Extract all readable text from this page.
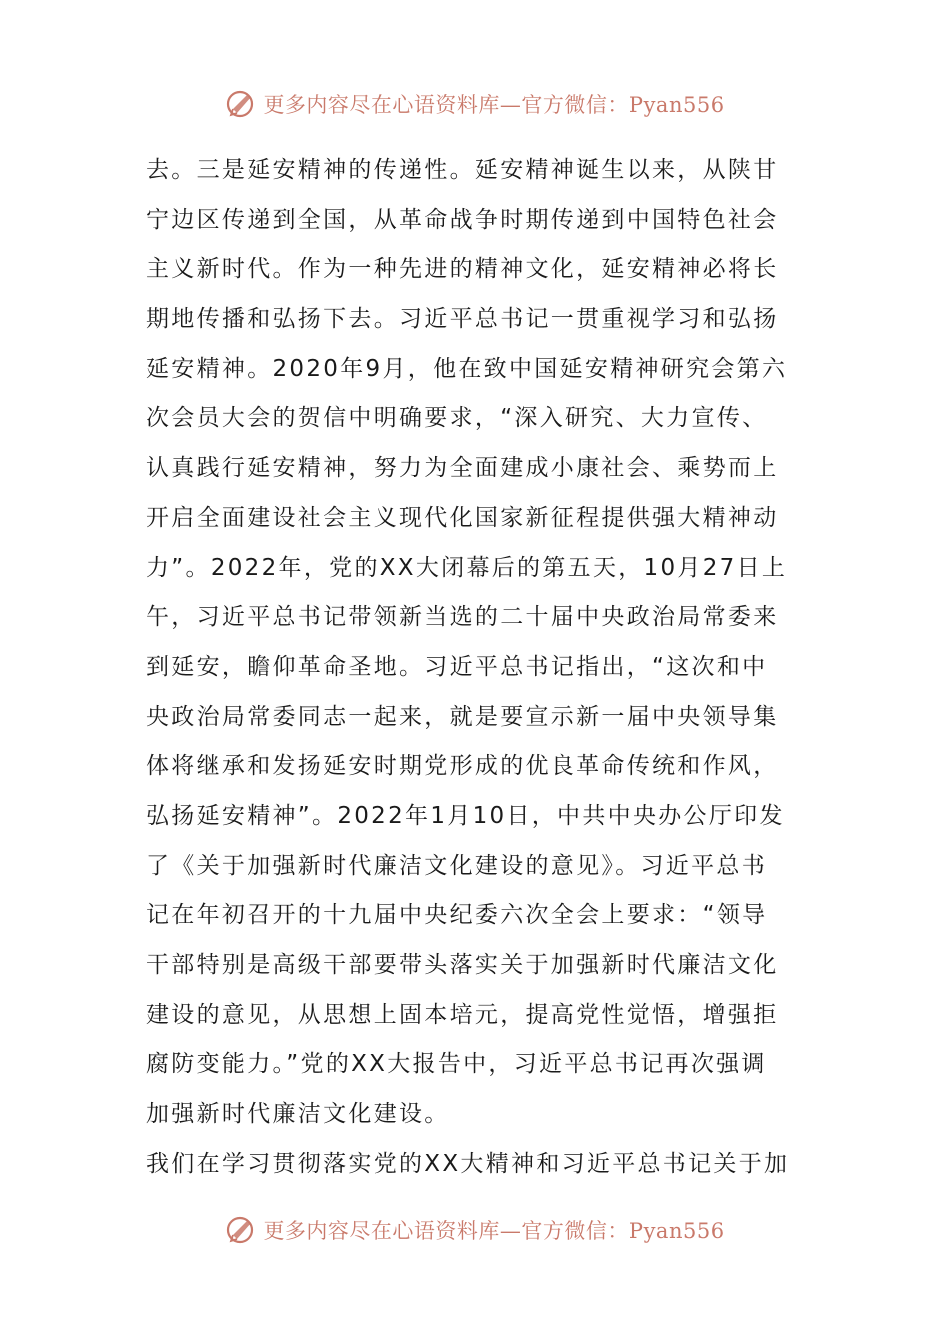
更多内容尽在心语资料库—官方微信：Pyan556
去。三是延安精神的传递性。延安精神诞生以来，从陕甘
宁边区传递到全国，从革命战争时期传递到中国特色社会
主义新时代。作为一种先进的精神文化，延安精神必将长
期地传播和弘扬下去。习近平总书记一贯重视学习和弘扬
延安精神。2020年9月，他在致中国延安精神研究会第六
次会员大会的贺信中明确要求，“深入研究、大力宣传、
认真践行延安精神，努力为全面建成小康社会、乘势而上
开启全面建设社会主义现代化国家新征程提供强大精神动
力”。2022年，党的XX大闭幕后的第五天，10月27日上
午，习近平总书记带领新当选的二十届中央政治局常委来
到延安，瞻仰革命圣地。习近平总书记指出，“这次和中
央政治局常委同志一起来，就是要宣示新一届中央领导集
体将继承和发扬延安时期党形成的优良革命传统和作风，
弘扬延安精神”。2022年1月10日，中共中央办公厅印发
了《关于加强新时代廉洁文化建设的意见》。习近平总书
记在年初召开的十九届中央纪委六次全会上要求：“领导
干部特别是高级干部要带头落实关于加强新时代廉洁文化
建设的意见，从思想上固本培元，提高党性觉悟，增强拒
腐防变能力。”党的XX大报告中，习近平总书记再次强调
加强新时代廉洁文化建设。
我们在学习贯彻落实党的XX大精神和习近平总书记关于加
更多内容尽在心语资料库—官方微信：Pyan556
